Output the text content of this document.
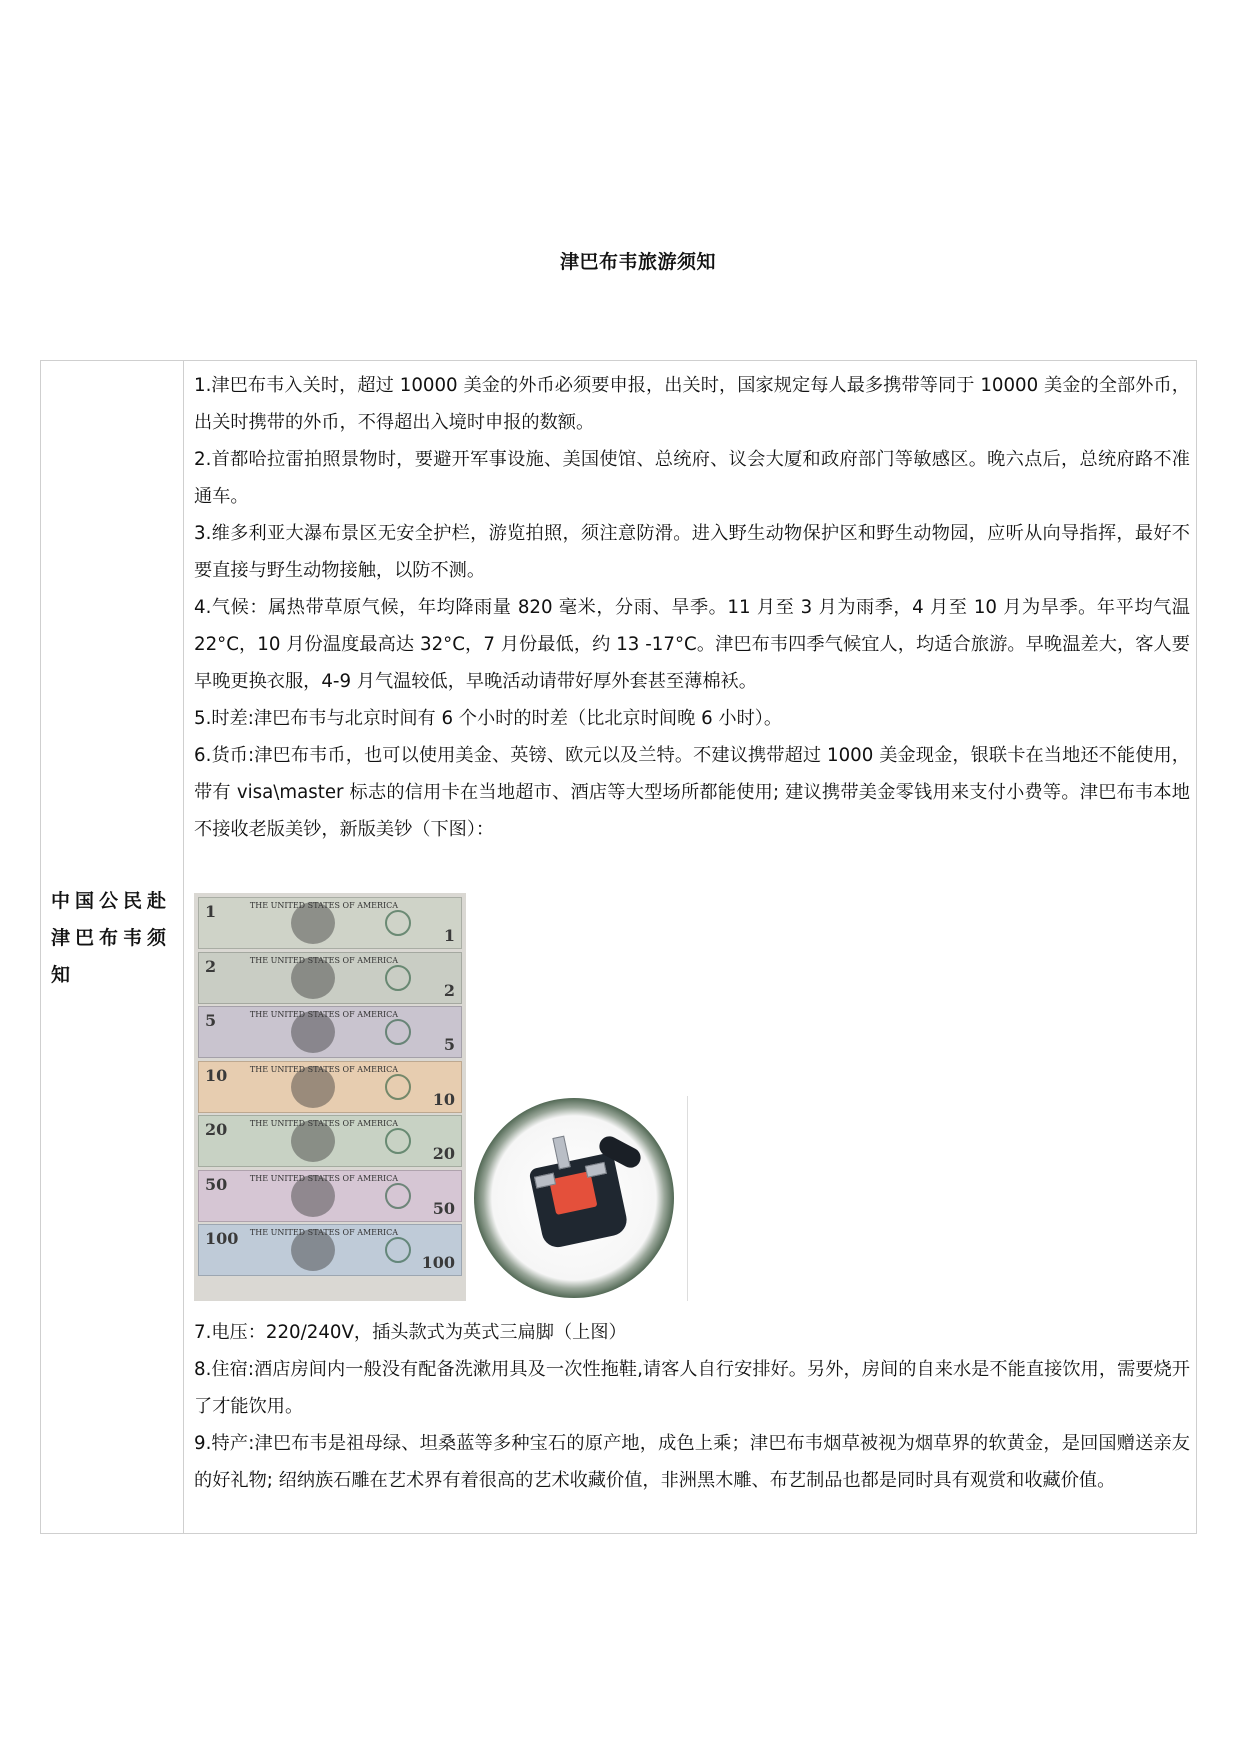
津巴布韦旅游须知
中国公民赴津巴布韦须知

1.津巴布韦入关时，超过 10000 美金的外币必须要申报，出关时，国家规定每人最多携带等同于 10000 美金的全部外币，出关时携带的外币，不得超出入境时申报的数额。

2.首都哈拉雷拍照景物时，要避开军事设施、美国使馆、总统府、议会大厦和政府部门等敏感区。晚六点后，总统府路不准通车。

3.维多利亚大瀑布景区无安全护栏，游览拍照，须注意防滑。进入野生动物保护区和野生动物园，应听从向导指挥，最好不要直接与野生动物接触，以防不测。

4.气候：属热带草原气候，年均降雨量 820 毫米，分雨、旱季。11 月至 3 月为雨季，4 月至 10 月为旱季。年平均气温 22°C，10 月份温度最高达 32°C，7 月份最低，约 13 -17°C。津巴布韦四季气候宜人，均适合旅游。早晚温差大，客人要早晚更换衣服，4-9 月气温较低，早晚活动请带好厚外套甚至薄棉袄。

5.时差:津巴布韦与北京时间有 6 个小时的时差（比北京时间晚 6 小时）。

6.货币:津巴布韦币，也可以使用美金、英镑、欧元以及兰特。不建议携带超过 1000 美金现金，银联卡在当地还不能使用，带有 visa\master 标志的信用卡在当地超市、酒店等大型场所都能使用; 建议携带美金零钱用来支付小费等。津巴布韦本地不接收老版美钞，新版美钞（下图）：

1	THE UNITED STATES OF AMERICA
1
2	THE UNITED STATES OF AMERICA
2
5	THE UNITED STATES OF AMERICA
5
10	THE UNITED STATES OF AMERICA
10
20	THE UNITED STATES OF AMERICA
20
50	THE UNITED STATES OF AMERICA
50
100 THE UNITED STATES OF AMERICA
100

7.电压：220/240V，插头款式为英式三扁脚（上图）

8.住宿:酒店房间内一般没有配备洗漱用具及一次性拖鞋,请客人自行安排好。另外，房间的自来水是不能直接饮用，需要烧开了才能饮用。

9.特产:津巴布韦是祖母绿、坦桑蓝等多种宝石的原产地，成色上乘；津巴布韦烟草被视为烟草界的软黄金，是回国赠送亲友的好礼物; 绍纳族石雕在艺术界有着很高的艺术收藏价值，非洲黑木雕、布艺制品也都是同时具有观赏和收藏价值。
